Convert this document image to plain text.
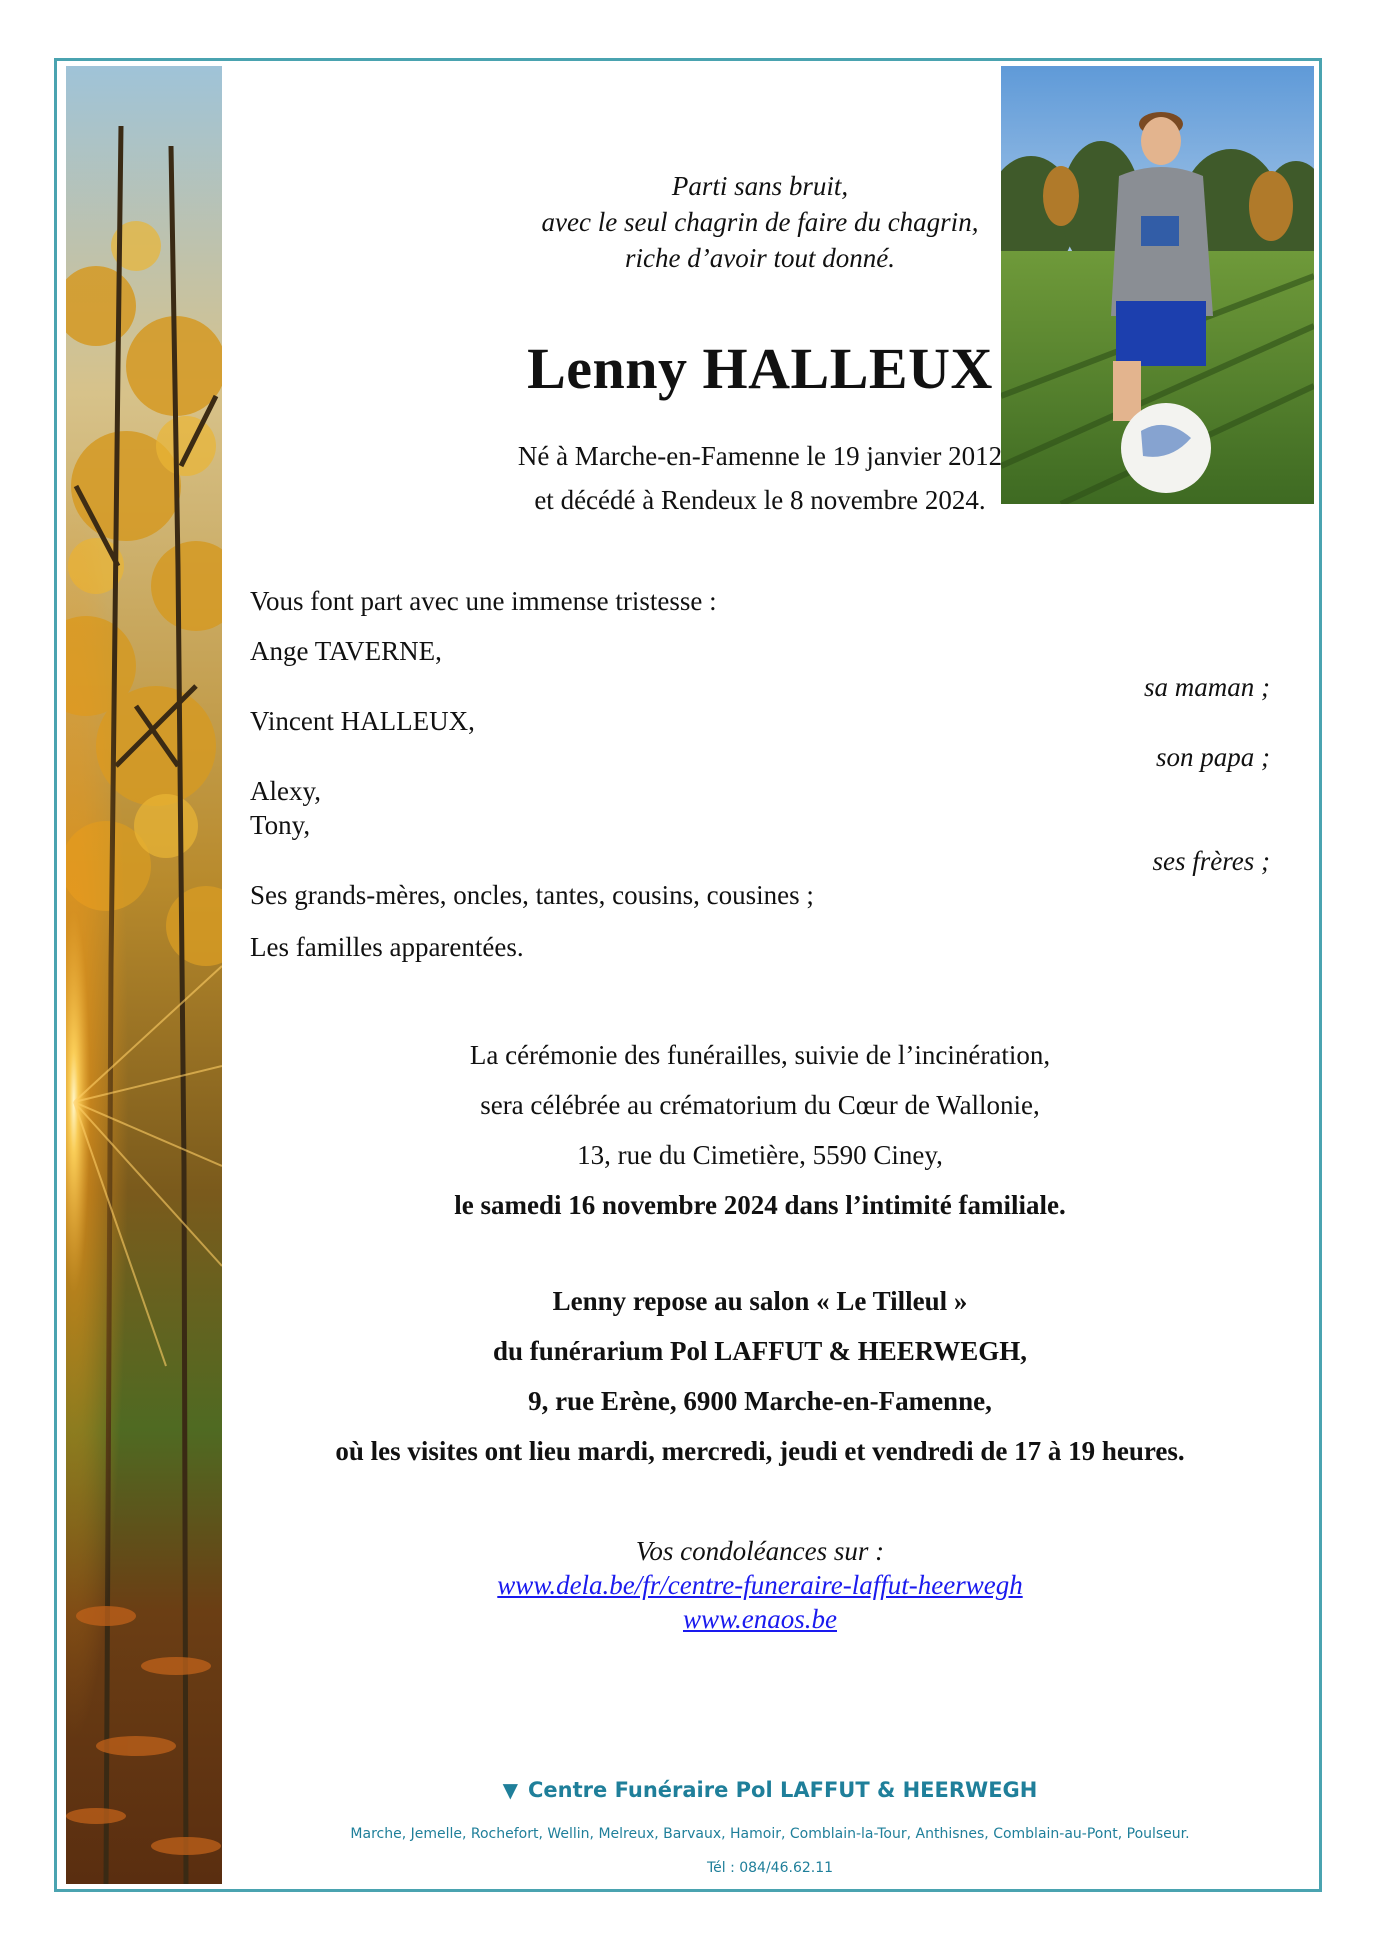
Parti sans bruit,
avec le seul chagrin de faire du chagrin,
riche d’avoir tout donné.
Lenny HALLEUX
Né à Marche-en-Famenne le 19 janvier 2012
et décédé à Rendeux le 8 novembre 2024.
Vous font part avec une immense tristesse :
Ange TAVERNE,
sa maman ;
Vincent HALLEUX,
son papa ;
Alexy,
Tony,
ses frères ;
Ses grands-mères, oncles, tantes, cousins, cousines ;
Les familles apparentées.
La cérémonie des funérailles, suivie de l’incinération,
sera célébrée au crématorium du Cœur de Wallonie,
13, rue du Cimetière, 5590 Ciney,
le samedi 16 novembre 2024 dans l’intimité familiale.
Lenny repose au salon « Le Tilleul »
du funérarium Pol LAFFUT & HEERWEGH,
9, rue Erène, 6900 Marche-en-Famenne,
où les visites ont lieu mardi, mercredi, jeudi et vendredi de 17 à 19 heures.
Vos condoléances sur :
www.dela.be/fr/centre-funeraire-laffut-heerwegh
www.enaos.be
▼ Centre Funéraire Pol LAFFUT & HEERWEGH
Marche, Jemelle, Rochefort, Wellin, Melreux, Barvaux, Hamoir, Comblain-la-Tour, Anthisnes, Comblain-au-Pont, Poulseur.
Tél : 084/46.62.11
